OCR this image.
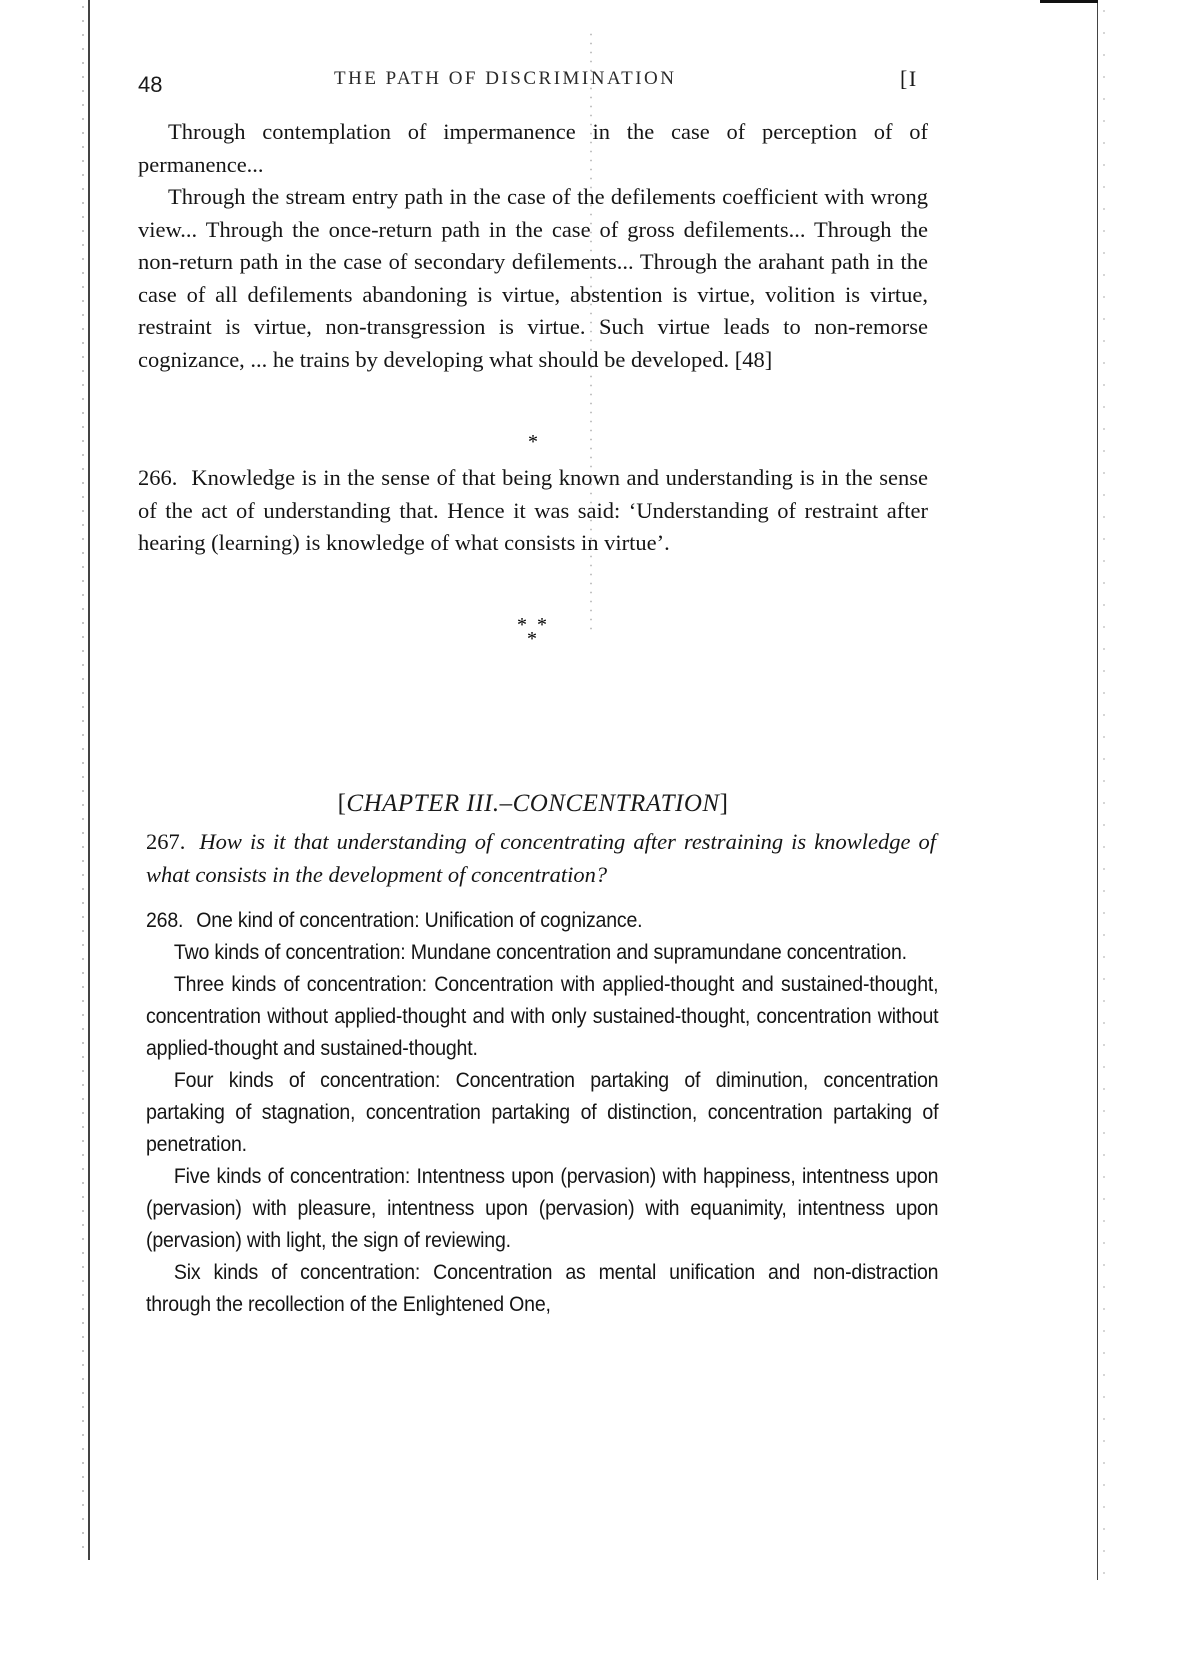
48	THE PATH OF DISCRIMINATION	[I

Through contemplation of impermanence in the case of perception of of permanence...

Through the stream entry path in the case of the defilements coefficient with wrong view... Through the once-return path in the case of gross defilements... Through the non-return path in the case of secondary defilements... Through the arahant path in the case of all defilements abandoning is virtue, abstention is virtue, volition is virtue, restraint is virtue, non-transgression is virtue. Such virtue leads to non-remorse cognizance, ... he trains by developing what should be developed. [48]

*

266. Knowledge is in the sense of that being known and understanding is in the sense of the act of understanding that. Hence it was said: ‘Understanding of restraint after hearing (learning) is knowledge of what consists in virtue’.

* *
*
[CHAPTER III.–CONCENTRATION]

267. How is it that understanding of concentrating after restraining is knowledge of what consists in the development of concentration?

268. One kind of concentration: Unification of cognizance.

Two kinds of concentration: Mundane concentration and supramundane concentration.

Three kinds of concentration: Concentration with applied-thought and sustained-thought, concentration without applied-thought and with only sustained-thought, concentration without applied-thought and sustained-thought.

Four kinds of concentration: Concentration partaking of diminution, concentration partaking of stagnation, concentration partaking of distinction, concentration partaking of penetration.

Five kinds of concentration: Intentness upon (pervasion) with happiness, intentness upon (pervasion) with pleasure, intentness upon (pervasion) with equanimity, intentness upon (pervasion) with light, the sign of reviewing.

Six kinds of concentration: Concentration as mental unification and non-distraction through the recollection of the Enlightened One,
